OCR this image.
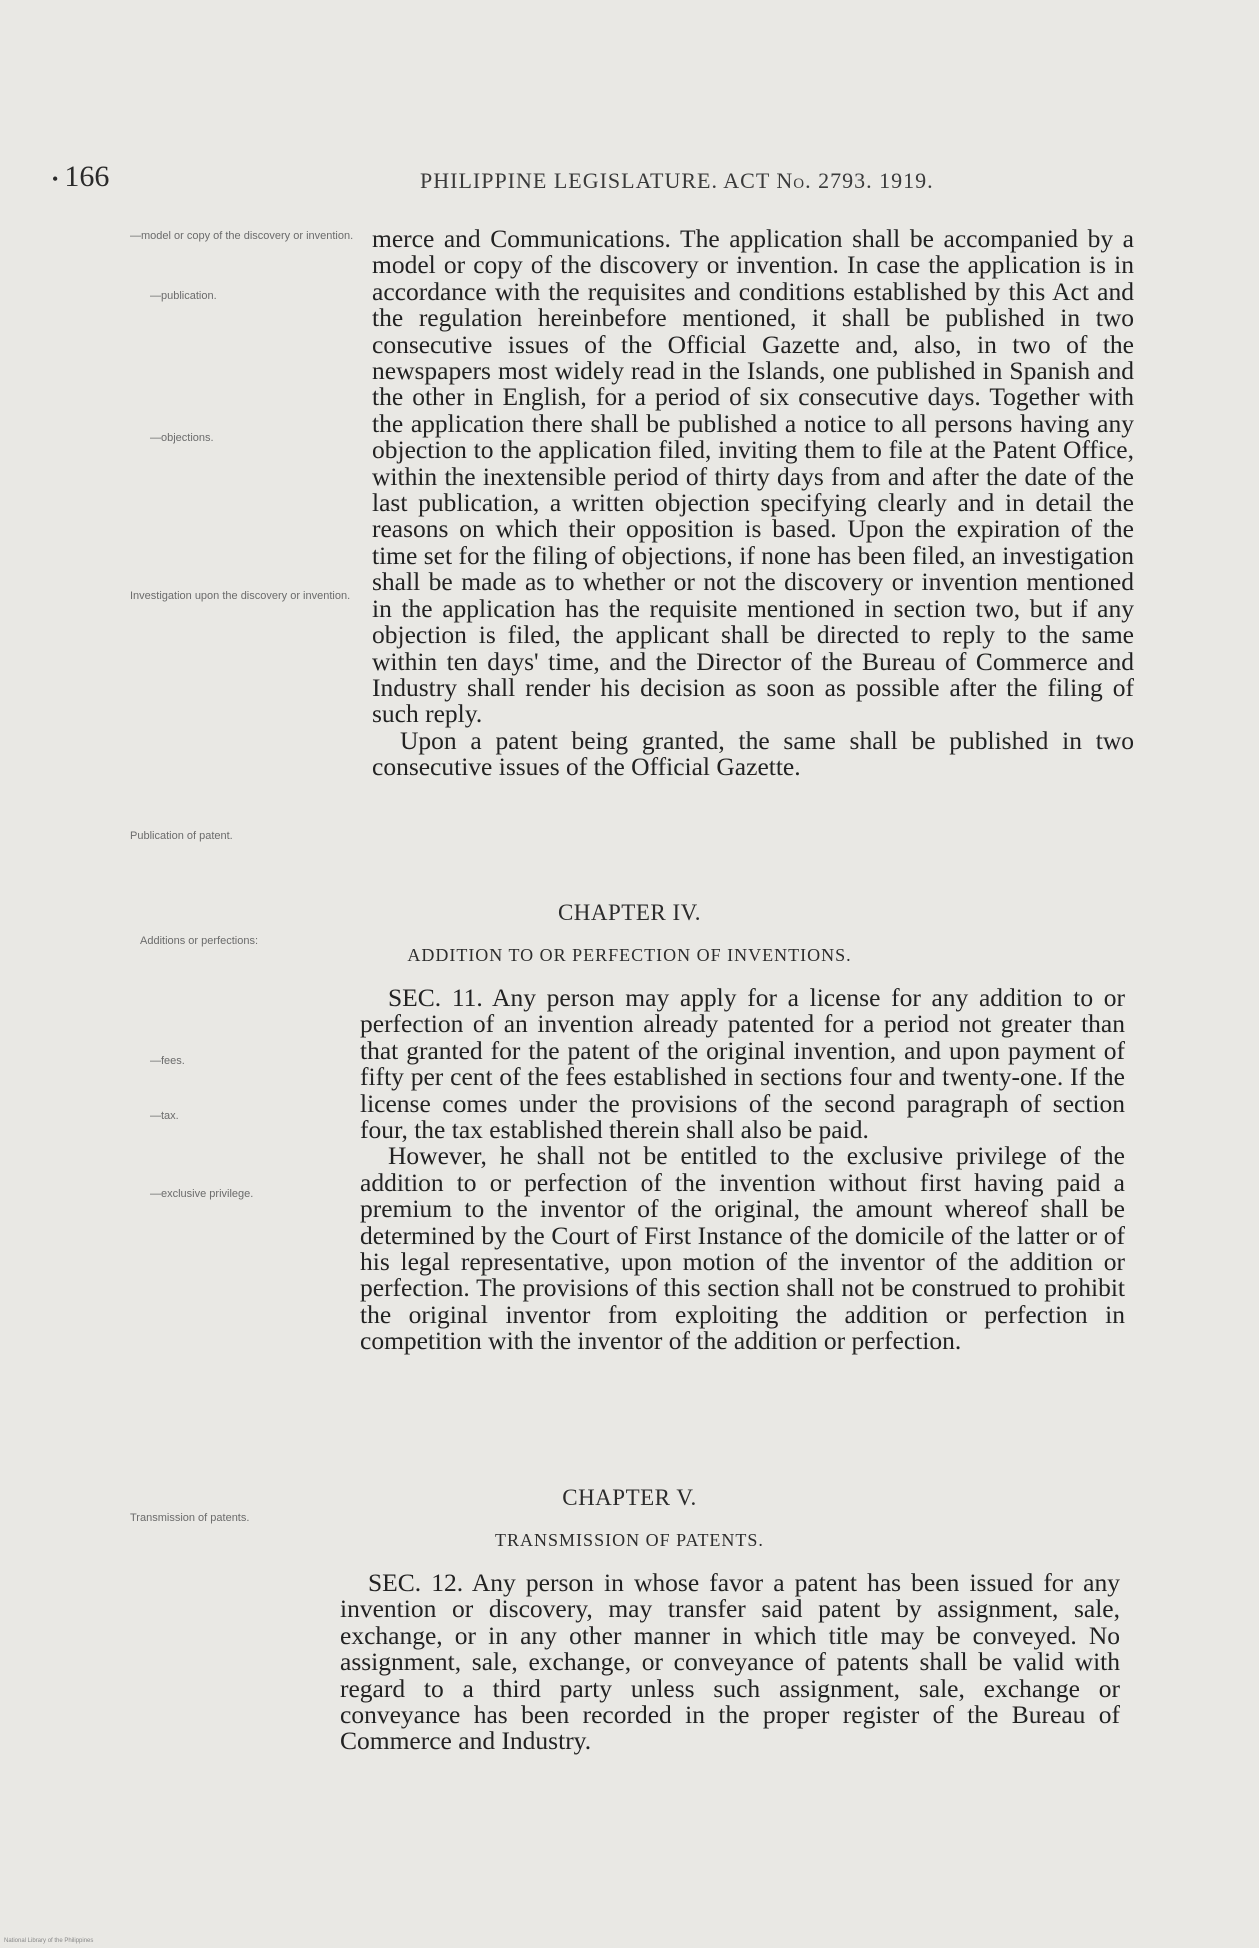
• 166	PHILIPPINE LEGISLATURE. ACT No. 2793. 1919.
—model or copy of the discovery or invention.
—publication.
—objections.
Investigation upon the discovery or invention.
Publication of patent.
Additions or perfections:
—fees.
—tax.
—exclusive privilege.
Transmission of patents.

merce and Communications. The application shall be accompanied by a model or copy of the discovery or invention. In case the application is in accordance with the requisites and conditions established by this Act and the regulation hereinbefore mentioned, it shall be published in two consecutive issues of the Official Gazette and, also, in two of the newspapers most widely read in the Islands, one published in Spanish and the other in English, for a period of six consecutive days. Together with the application there shall be published a notice to all persons having any objection to the application filed, inviting them to file at the Patent Office, within the inextensible period of thirty days from and after the date of the last publication, a written objection specifying clearly and in detail the reasons on which their opposition is based. Upon the expiration of the time set for the filing of objections, if none has been filed, an investigation shall be made as to whether or not the discovery or invention mentioned in the application has the requisite mentioned in section two, but if any objection is filed, the applicant shall be directed to reply to the same within ten days' time, and the Director of the Bureau of Commerce and Industry shall render his decision as soon as possible after the filing of such reply.

Upon a patent being granted, the same shall be published in two consecutive issues of the Official Gazette.

CHAPTER IV.
ADDITION TO OR PERFECTION OF INVENTIONS.

SEC. 11. Any person may apply for a license for any addition to or perfection of an invention already patented for a period not greater than that granted for the patent of the original invention, and upon payment of fifty per cent of the fees established in sections four and twenty-one. If the license comes under the provisions of the second paragraph of section four, the tax established therein shall also be paid.

However, he shall not be entitled to the exclusive privilege of the addition to or perfection of the invention without first having paid a premium to the inventor of the original, the amount whereof shall be determined by the Court of First Instance of the domicile of the latter or of his legal representative, upon motion of the inventor of the addition or perfection. The provisions of this section shall not be construed to prohibit the original inventor from exploiting the addition or perfection in competition with the inventor of the addition or perfection.

CHAPTER V.
TRANSMISSION OF PATENTS.

SEC. 12. Any person in whose favor a patent has been issued for any invention or discovery, may transfer said patent by assignment, sale, exchange, or in any other manner in which title may be conveyed. No assignment, sale, exchange, or conveyance of patents shall be valid with regard to a third party unless such assignment, sale, exchange or conveyance has been recorded in the proper register of the Bureau of Commerce and Industry.

National Library of the Philippines
